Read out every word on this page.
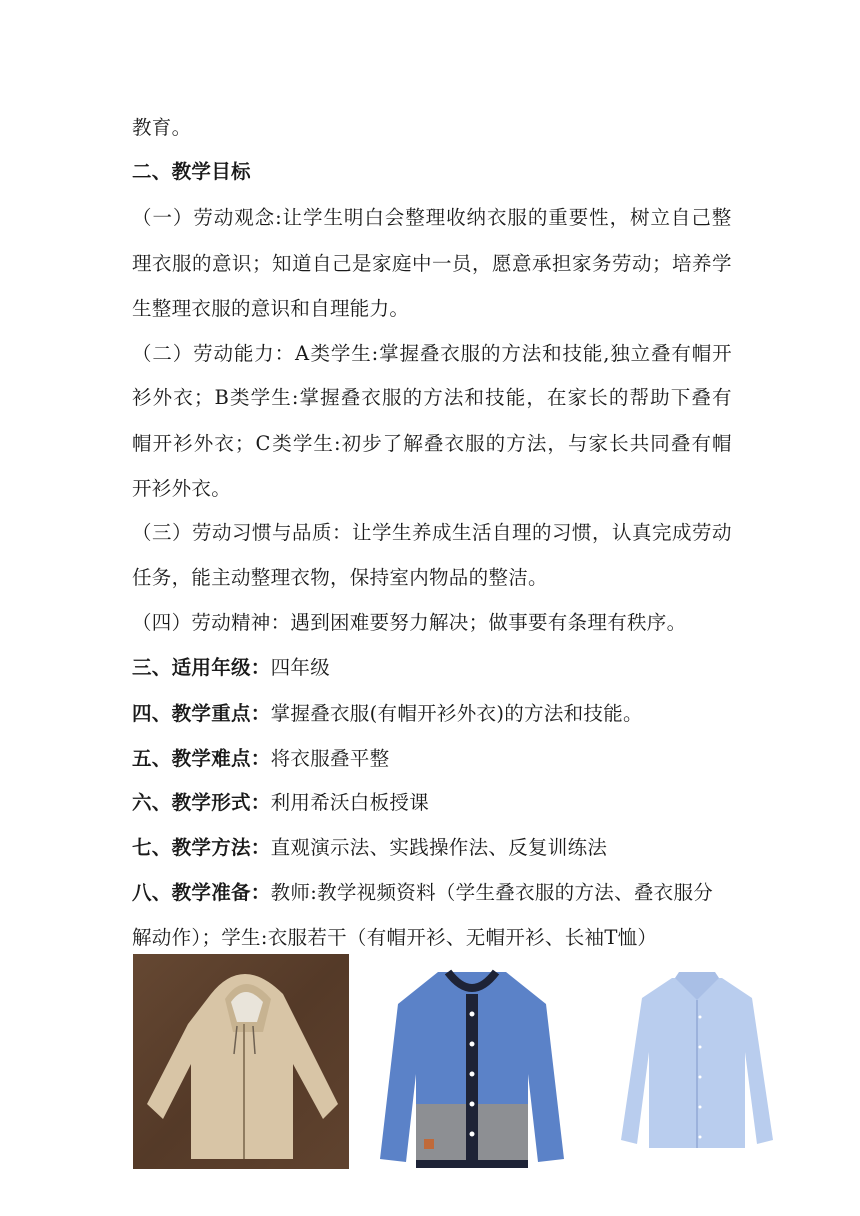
教育。
二、教学目标
（ 一 ） 劳 动 观 念 : 让 学 生 明 白 会 整 理 收 纳 衣 服 的 重 要 性 ， 树 立 自 己 整
理 衣 服 的 意 识 ； 知 道 自 己 是 家 庭 中 一 员 ， 愿 意 承 担 家 务 劳 动 ； 培 养 学
生整理衣服的意识和自理能力。
（ 二 ） 劳 动 能 力 ： A 类 学 生 : 掌 握 叠 衣 服 的 方 法 和 技 能 , 独 立 叠 有 帽 开
衫 外 衣 ； B 类 学 生 : 掌 握 叠 衣 服 的 方 法 和 技 能 ， 在 家 长 的 帮 助 下 叠 有
帽 开 衫 外 衣 ； C 类 学 生 : 初 步 了 解 叠 衣 服 的 方 法 ， 与 家 长 共 同 叠 有 帽
开衫外衣。
（ 三 ） 劳 动 习 惯 与 品 质 ： 让 学 生 养 成 生 活 自 理 的 习 惯 ， 认 真 完 成 劳 动
任务，能主动整理衣物，保持室内物品的整洁。
（四）劳动精神：遇到困难要努力解决；做事要有条理有秩序。
三、适用年级：四年级
四、教学重点：掌握叠衣服(有帽开衫外衣)的方法和技能。
五、教学难点：将衣服叠平整
六、教学形式：利用希沃白板授课
七、教学方法：直观演示法、实践操作法、反复训练法
八、教学准备：教师:教学视频资料（学生叠衣服的方法、叠衣服分
解动作）；学生:衣服若干（有帽开衫、无帽开衫、长袖T恤）
